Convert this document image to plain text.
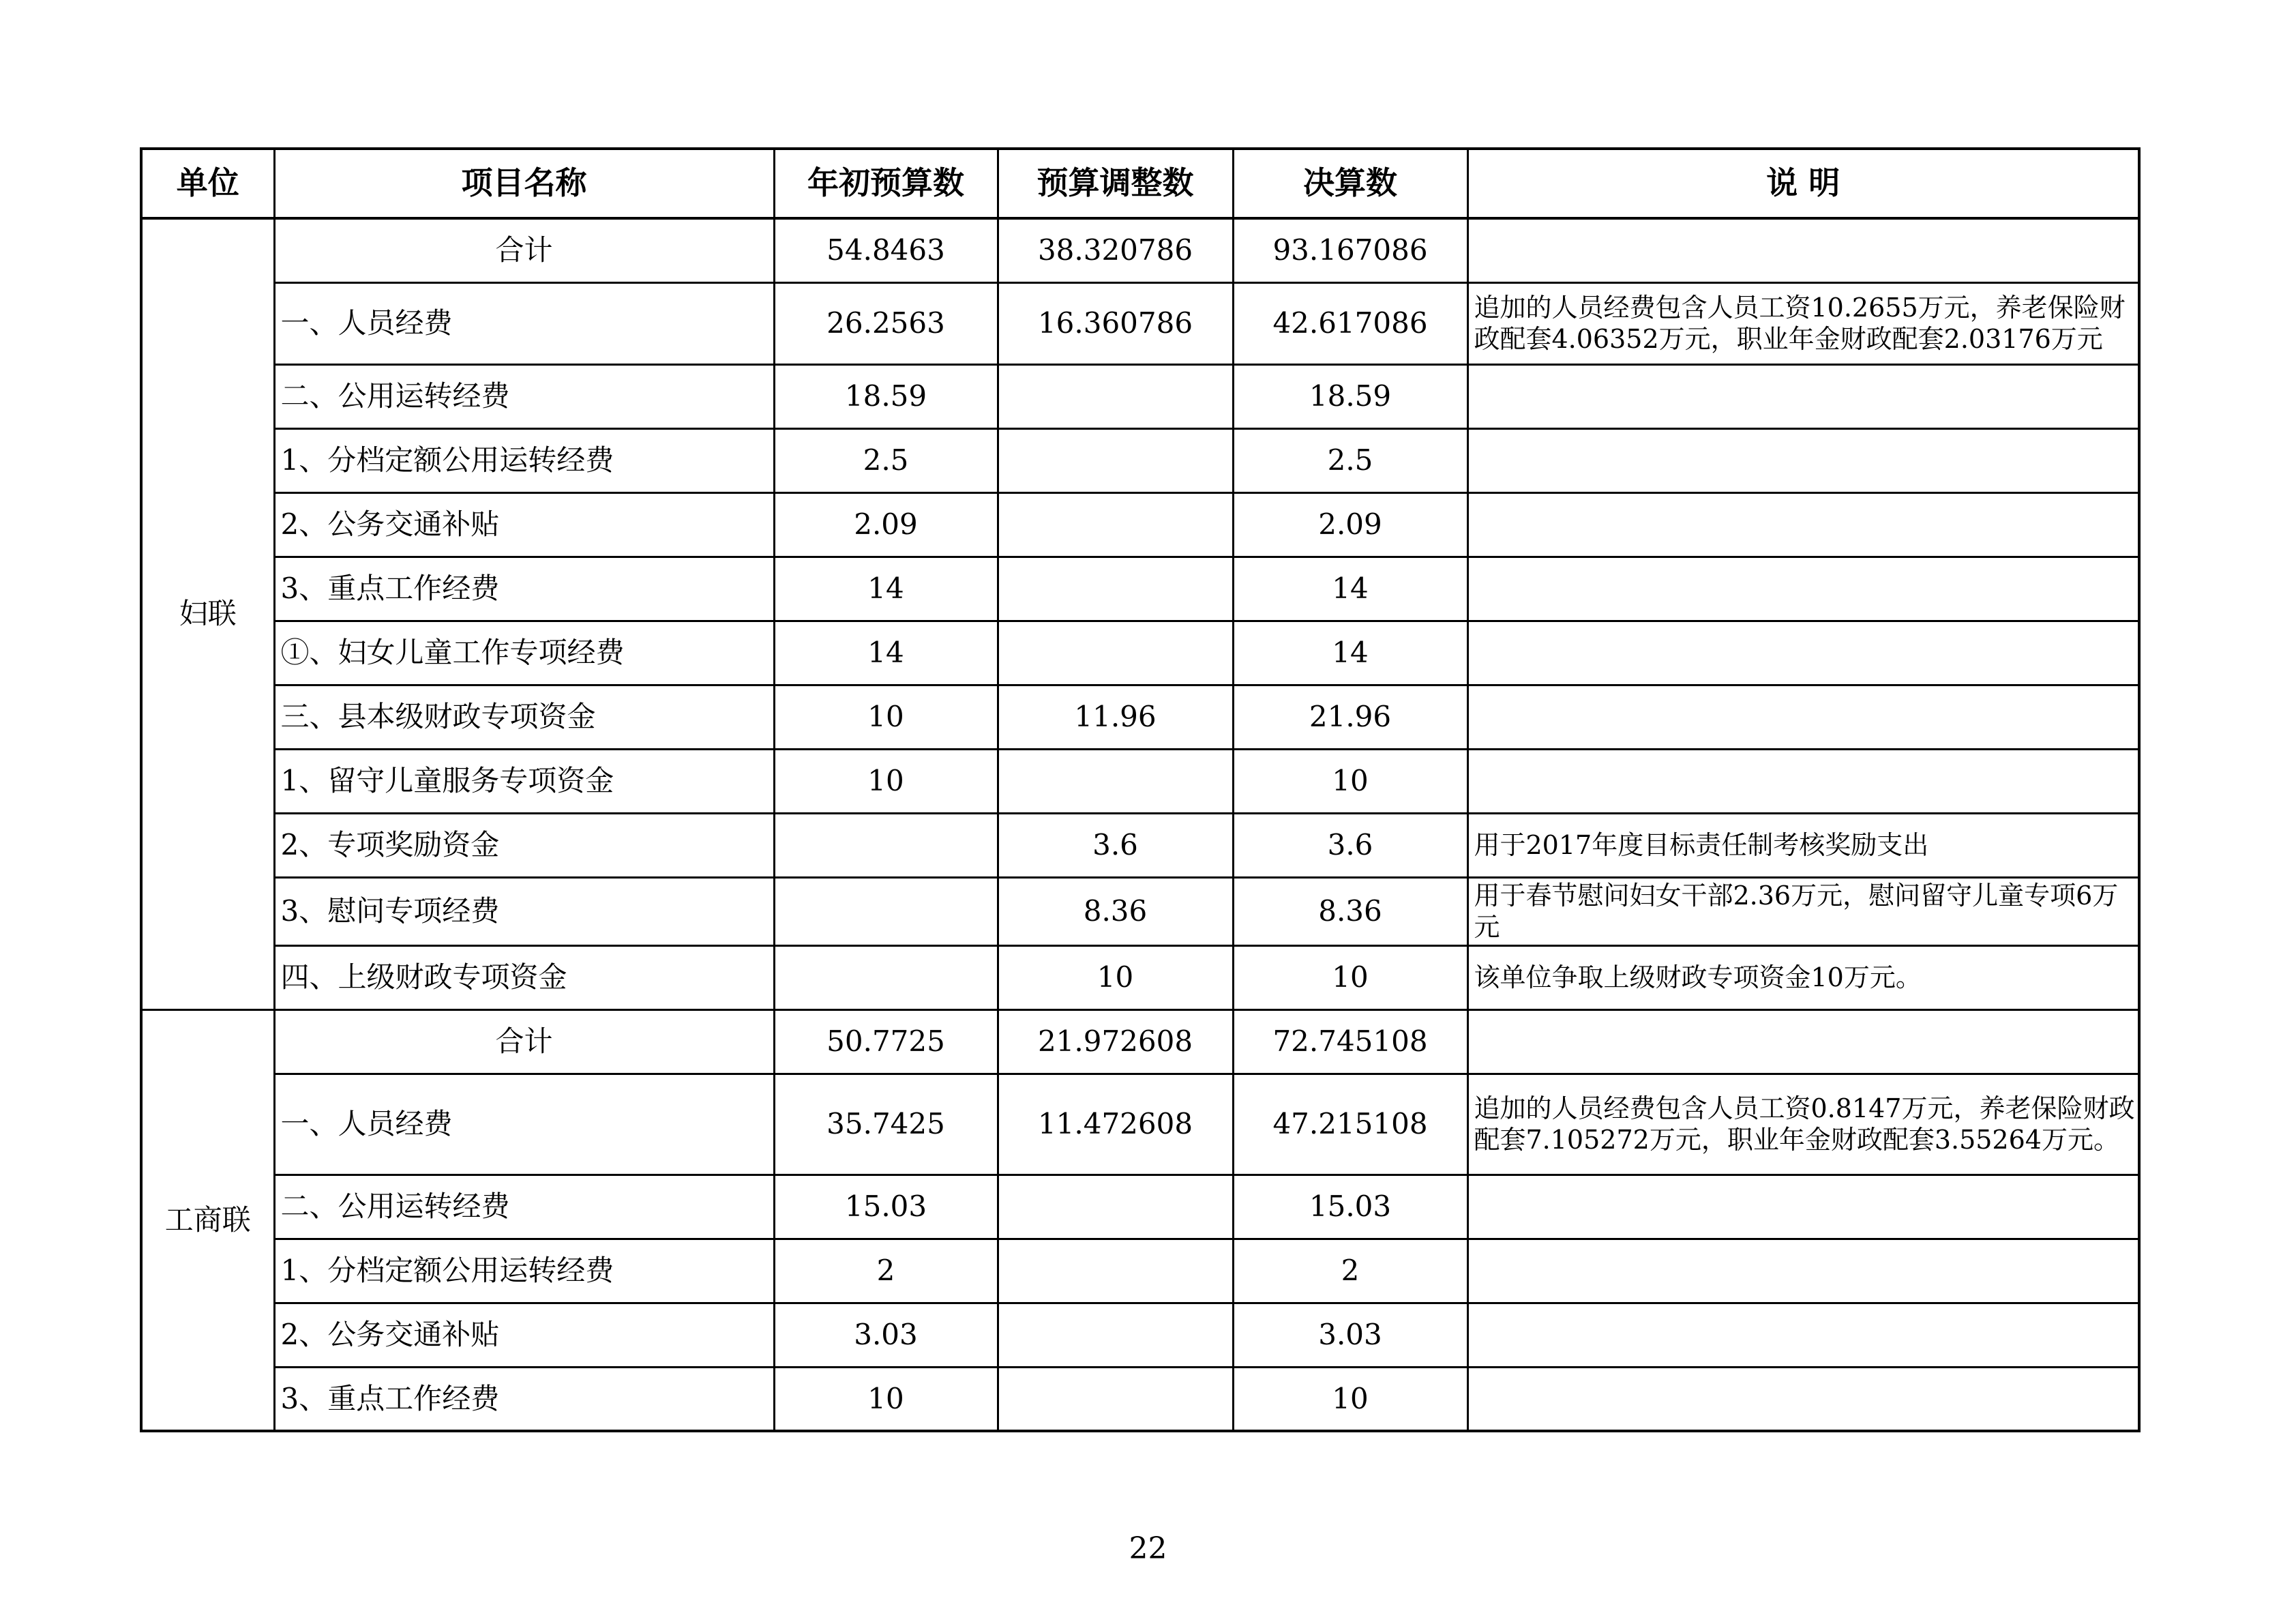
单位	项目名称	年初预算数	预算调整数	决算数	说 明
妇联	合计	54.8463	38.320786	93.167086	
	一、人员经费	26.2563	16.360786	42.617086	追加的人员经费包含人员工资10.2655万元，养老保险财政配套4.06352万元，职业年金财政配套2.03176万元
	二、公用运转经费	18.59		18.59	
	1、分档定额公用运转经费	2.5		2.5	
	2、公务交通补贴	2.09		2.09	
	3、重点工作经费	14		14	
	①、妇女儿童工作专项经费	14		14	
	三、县本级财政专项资金	10	11.96	21.96	
	1、留守儿童服务专项资金	10		10	
	2、专项奖励资金		3.6	3.6	用于2017年度目标责任制考核奖励支出
	3、慰问专项经费		8.36	8.36	用于春节慰问妇女干部2.36万元，慰问留守儿童专项6万元
	四、上级财政专项资金		10	10	该单位争取上级财政专项资金10万元。
工商联	合计	50.7725	21.972608	72.745108	
	一、人员经费	35.7425	11.472608	47.215108	追加的人员经费包含人员工资0.8147万元，养老保险财政配套7.105272万元，职业年金财政配套3.55264万元。
	二、公用运转经费	15.03		15.03	
	1、分档定额公用运转经费	2		2	
	2、公务交通补贴	3.03		3.03	
	3、重点工作经费	10		10	
22
